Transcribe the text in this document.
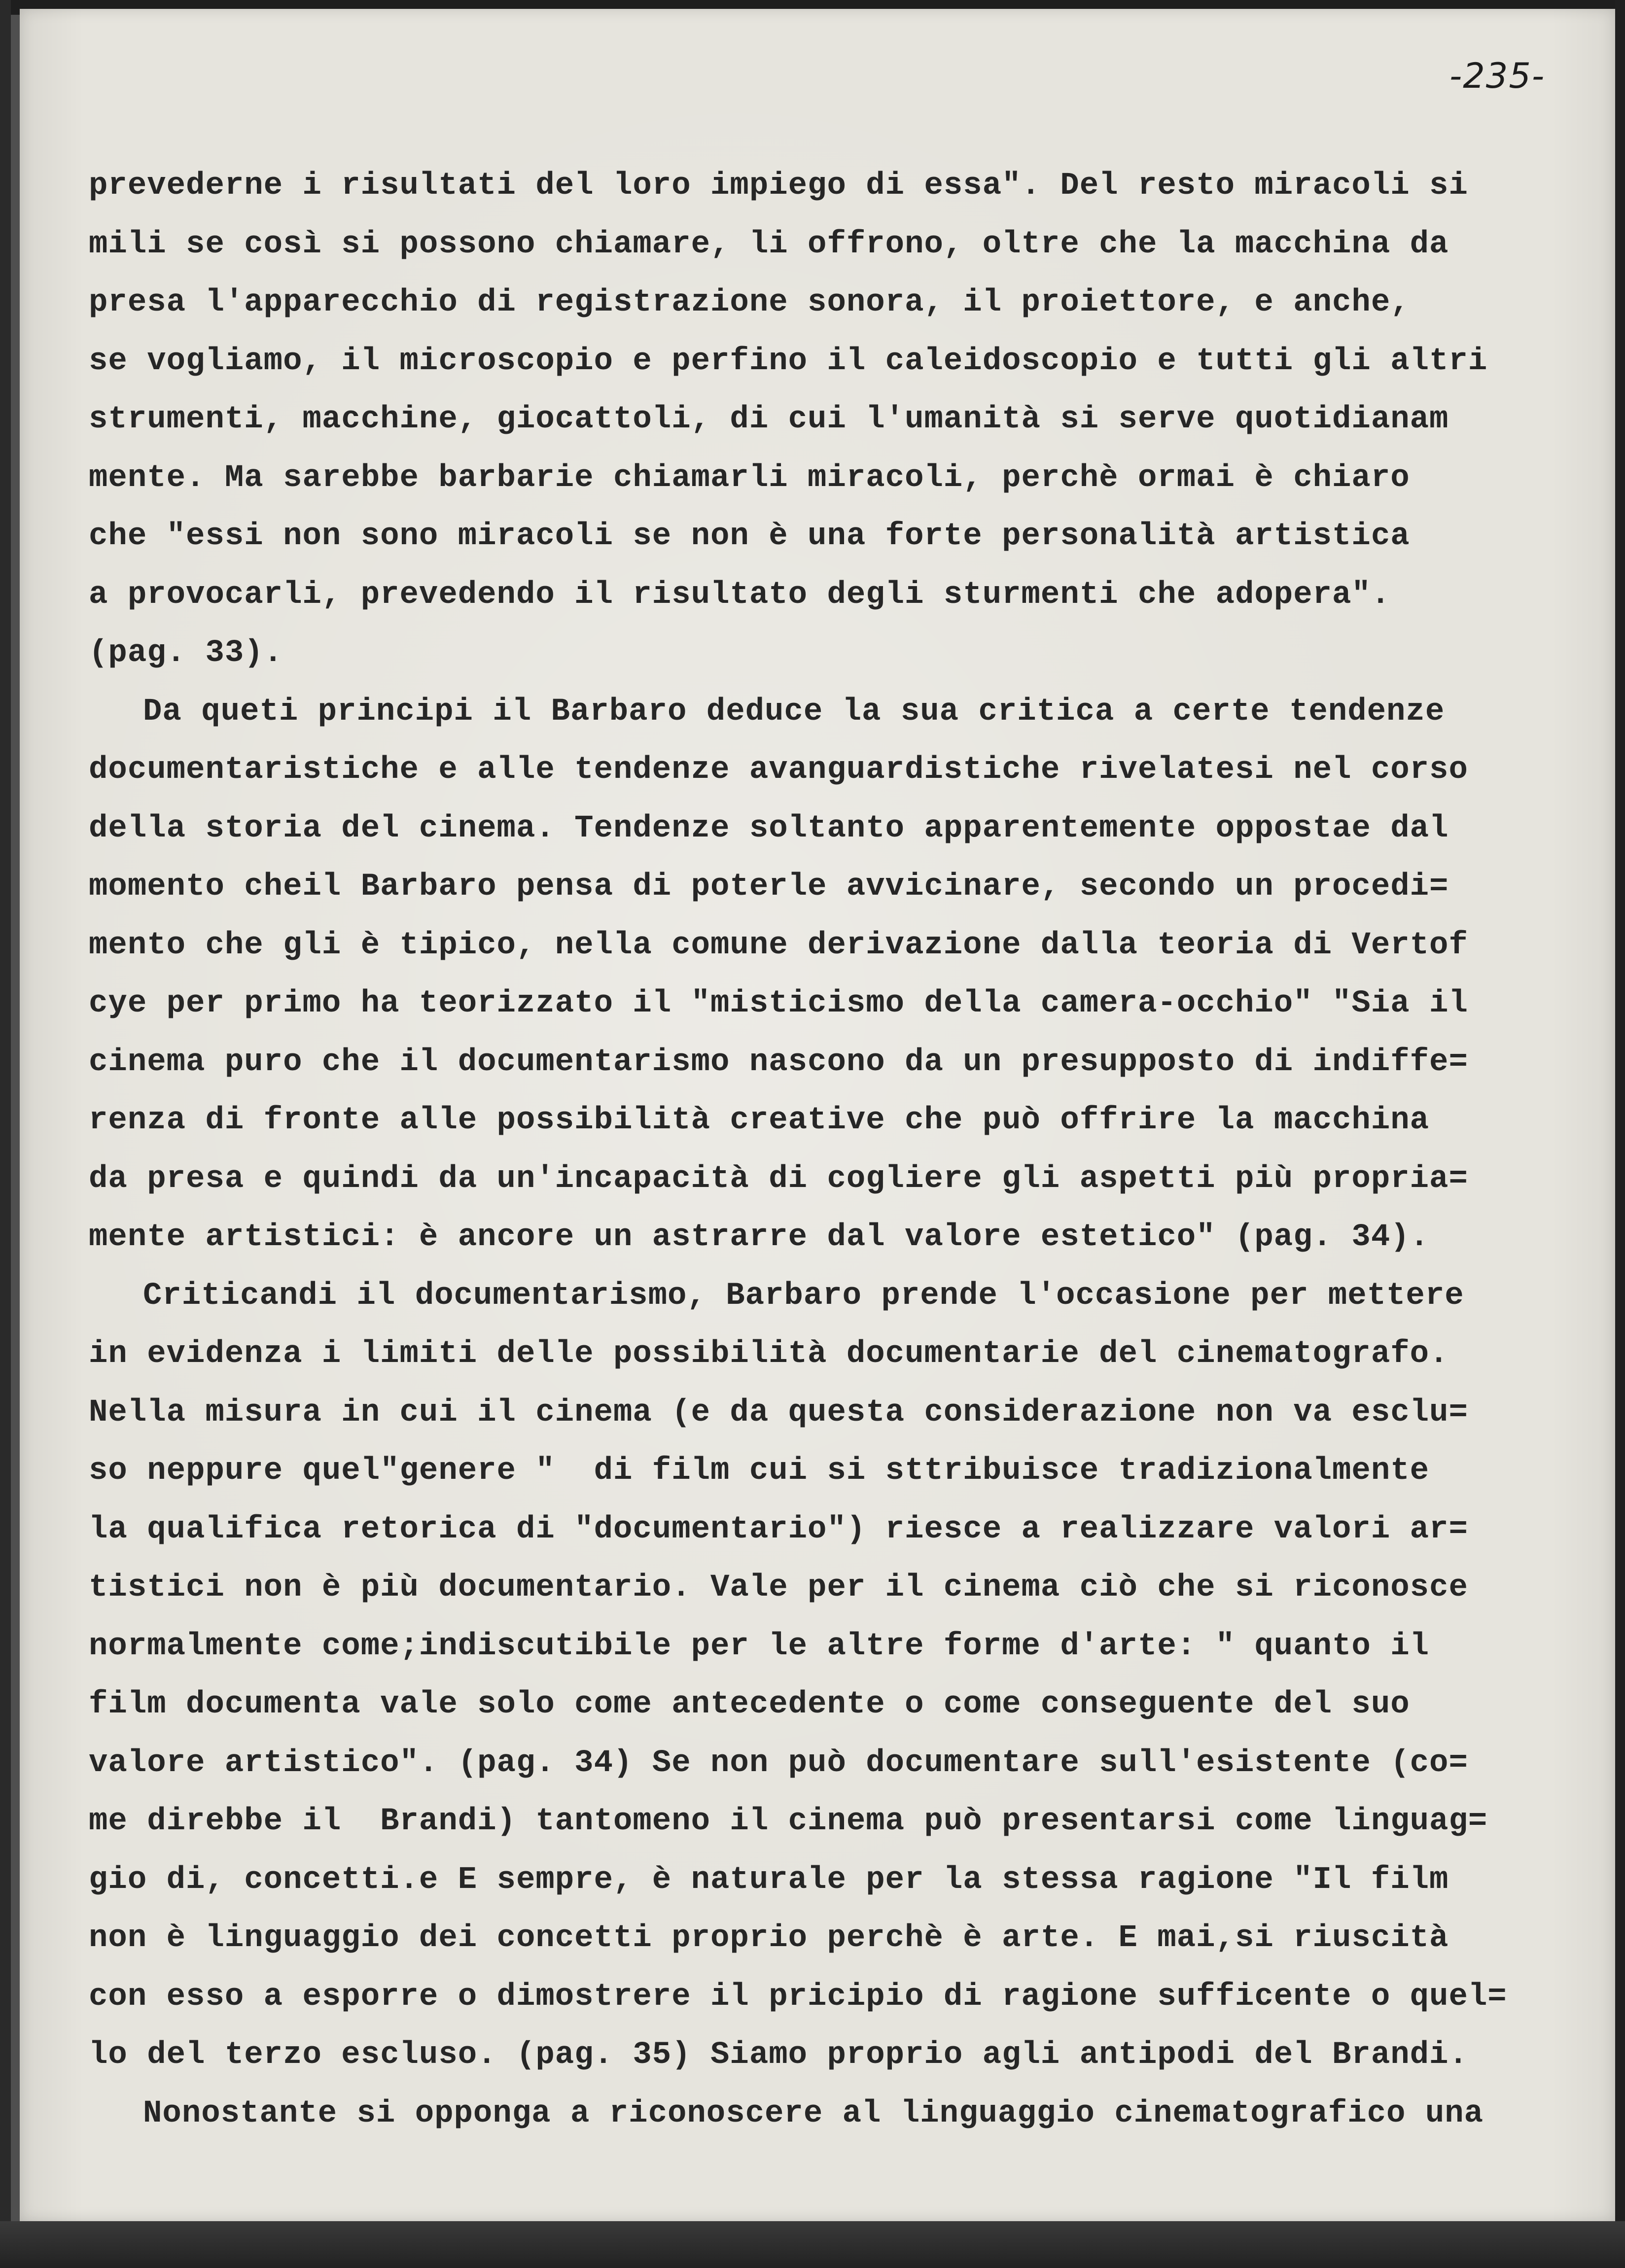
-235-
prevederne i risultati del loro impiego di essa". Del resto miracoli si
mili se così si possono chiamare, li offrono, oltre che la macchina da
presa l'apparecchio di registrazione sonora, il proiettore, e anche,
se vogliamo, il microscopio e perfino il caleidoscopio e tutti gli altri
strumenti, macchine, giocattoli, di cui l'umanità si serve quotidianam
mente. Ma sarebbe barbarie chiamarli miracoli, perchè ormai è chiaro
che "essi non sono miracoli se non è una forte personalità artistica
a provocarli, prevedendo il risultato degli sturmenti che adopera".
(pag. 33).
Da queti principi il Barbaro deduce la sua critica a certe tendenze
documentaristiche e alle tendenze avanguardistiche rivelatesi nel corso
della storia del cinema. Tendenze soltanto apparentemente oppostae dal
momento cheil Barbaro pensa di poterle avvicinare, secondo un procedi=
mento che gli è tipico, nella comune derivazione dalla teoria di Vertof
cye per primo ha teorizzato il "misticismo della camera-occhio" "Sia il
cinema puro che il documentarismo nascono da un presupposto di indiffe=
renza di fronte alle possibilità creative che può offrire la macchina
da presa e quindi da un'incapacità di cogliere gli aspetti più propria=
mente artistici: è ancore un astrarre dal valore estetico" (pag. 34).
Criticandi il documentarismo, Barbaro prende l'occasione per mettere
in evidenza i limiti delle possibilità documentarie del cinematografo.
Nella misura in cui il cinema (e da questa considerazione non va esclu=
so neppure quel"genere "  di film cui si sttribuisce tradizionalmente
la qualifica retorica di "documentario") riesce a realizzare valori ar=
tistici non è più documentario. Vale per il cinema ciò che si riconosce
normalmente come;indiscutibile per le altre forme d'arte: " quanto il
film documenta vale solo come antecedente o come conseguente del suo
valore artistico". (pag. 34) Se non può documentare sull'esistente (co=
me direbbe il  Brandi) tantomeno il cinema può presentarsi come linguag=
gio di, concetti.e E sempre, è naturale per la stessa ragione "Il film
non è linguaggio dei concetti proprio perchè è arte. E mai,si riuscità
con esso a esporre o dimostrere il pricipio di ragione sufficente o quel=
lo del terzo escluso. (pag. 35) Siamo proprio agli antipodi del Brandi.
Nonostante si opponga a riconoscere al linguaggio cinematografico una
